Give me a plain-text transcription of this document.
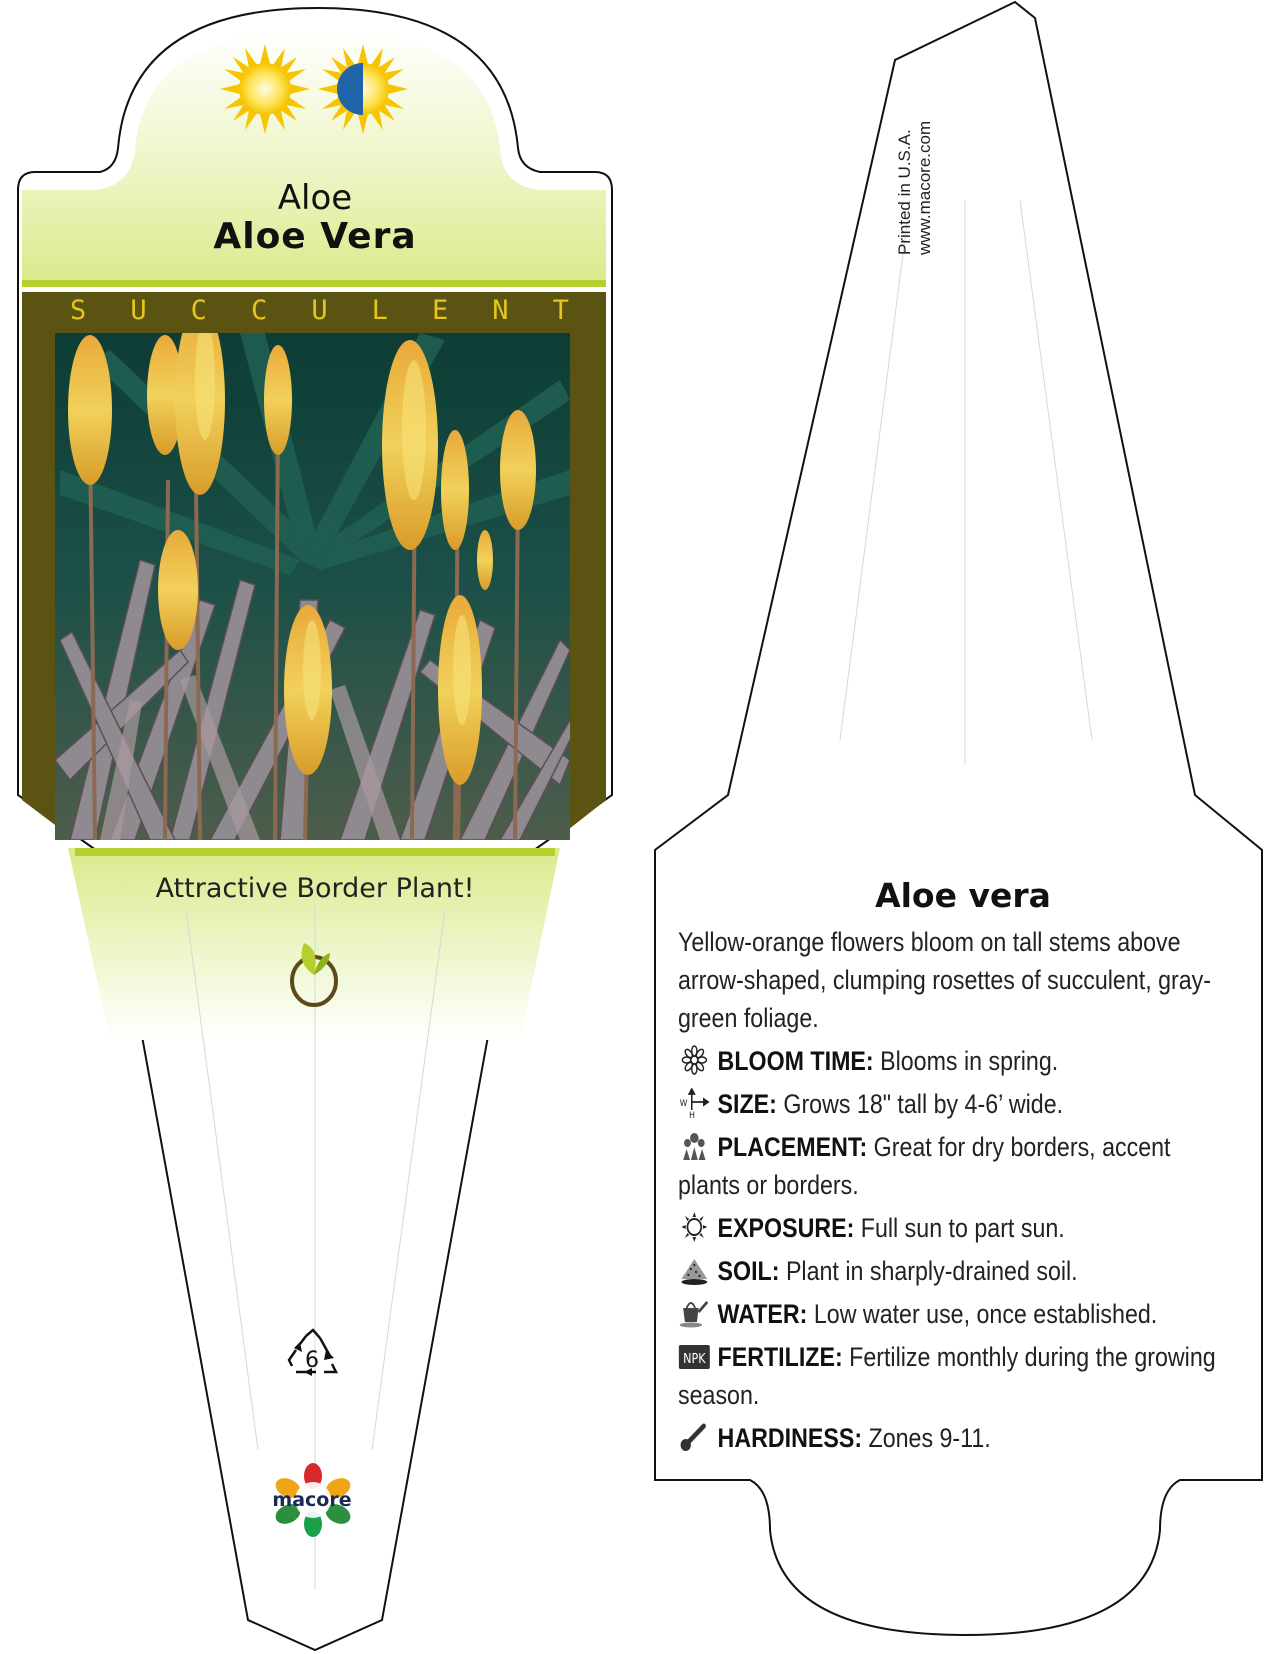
Aloe
Aloe Vera
S U C C U L E N T
Attractive Border Plant!
6
macore
Printed in U.S.A. www.macore.com
Aloe vera
Yellow-orange flowers bloom on tall stems above arrow-shaped, clumping rosettes of succulent, gray-green foliage.
BLOOM TIME: Blooms in spring.
W
H SIZE: Grows 18" tall by 4-6’ wide.
PLACEMENT: Great for dry borders, accent plants or borders.
EXPOSURE: Full sun to part sun.
SOIL: Plant in sharply-drained soil.
WATER: Low water use, once established.
NPK FERTILIZE: Fertilize monthly during the growing season.
HARDINESS: Zones 9-11.
